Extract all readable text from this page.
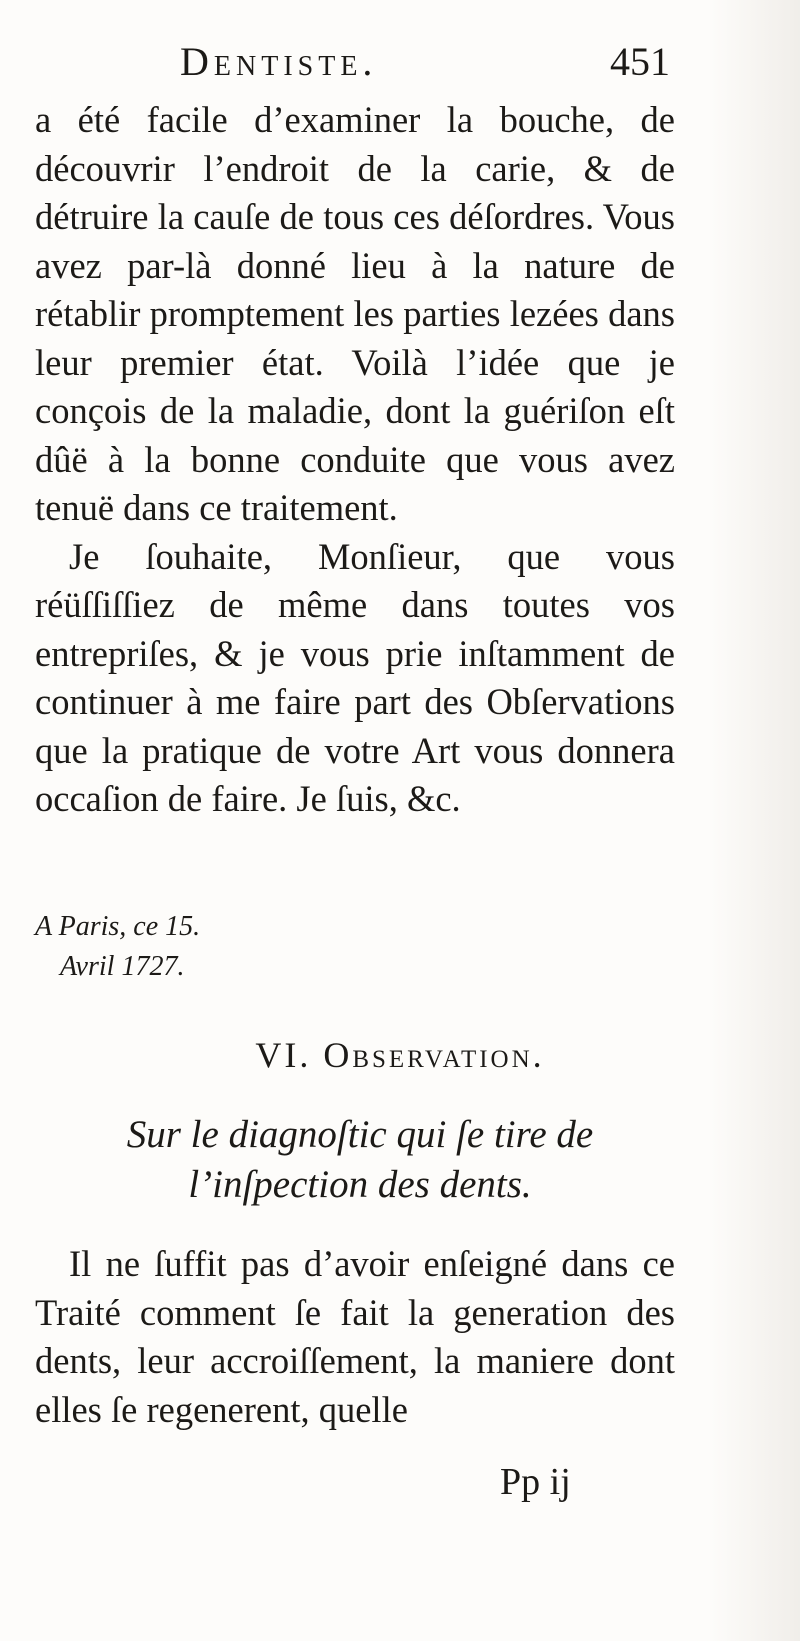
Dentiste.	451

a été facile d’examiner la bouche, de découvrir l’endroit de la carie, & de détruire la cauſe de tous ces déſordres. Vous avez par-là donné lieu à la nature de rétablir promptement les parties lezées dans leur premier état. Voilà l’idée que je conçois de la maladie, dont la guériſon eſt dûë à la bonne conduite que vous avez tenuë dans ce traitement.

Je ſouhaite, Monſieur, que vous réüſſiſſiez de même dans toutes vos entrepriſes, & je vous prie inſtamment de continuer à me faire part des Obſervations que la pratique de votre Art vous donnera occaſion de faire. Je ſuis, &c.

A Paris, ce 15.
Avril 1727.
VI. Observation.
Sur le diagnoſtic qui ſe tire de
l’inſpection des dents.

Il ne ſuffit pas d’avoir enſeigné dans ce Traité comment ſe fait la generation des dents, leur accroiſſement, la maniere dont elles ſe regenerent, quelle

Pp ij
